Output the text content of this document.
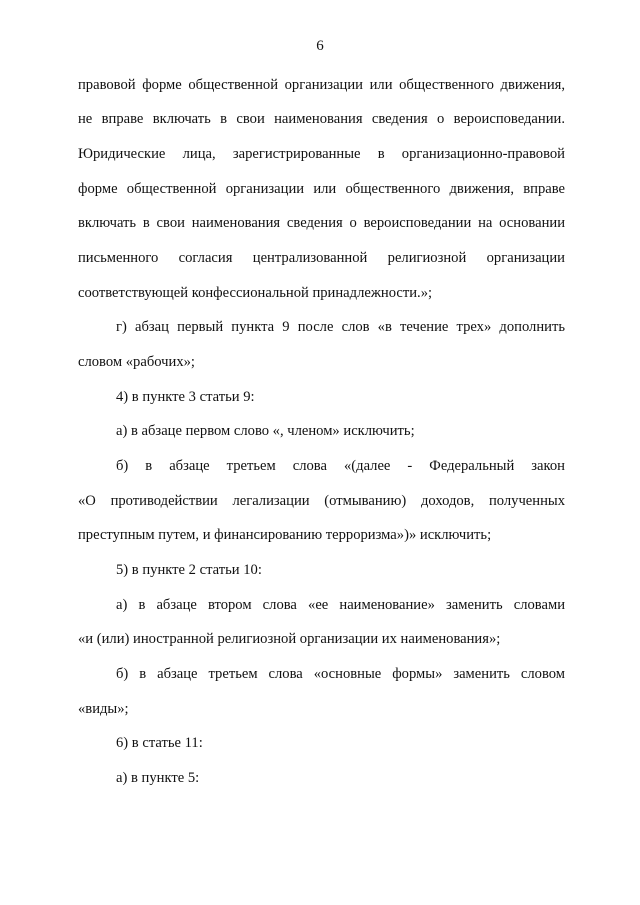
6
правовой форме общественной организации или общественного движения,
не вправе включать в свои наименования сведения о вероисповедании.
Юридические лица, зарегистрированные в организационно-правовой
форме общественной организации или общественного движения, вправе
включать в свои наименования сведения о вероисповедании на основании
письменного согласия централизованной религиозной организации
соответствующей конфессиональной принадлежности.»;
г) абзац первый пункта 9 после слов «в течение трех» дополнить
словом «рабочих»;
4) в пункте 3 статьи 9:
а) в абзаце первом слово «, членом» исключить;
б) в абзаце третьем слова «(далее - Федеральный закон
«О противодействии легализации (отмыванию) доходов, полученных
преступным путем, и финансированию терроризма»)» исключить;
5) в пункте 2 статьи 10:
а) в абзаце втором слова «ее наименование» заменить словами
«и (или) иностранной религиозной организации их наименования»;
б) в абзаце третьем слова «основные формы» заменить словом
«виды»;
6) в статье 11:
а) в пункте 5:
